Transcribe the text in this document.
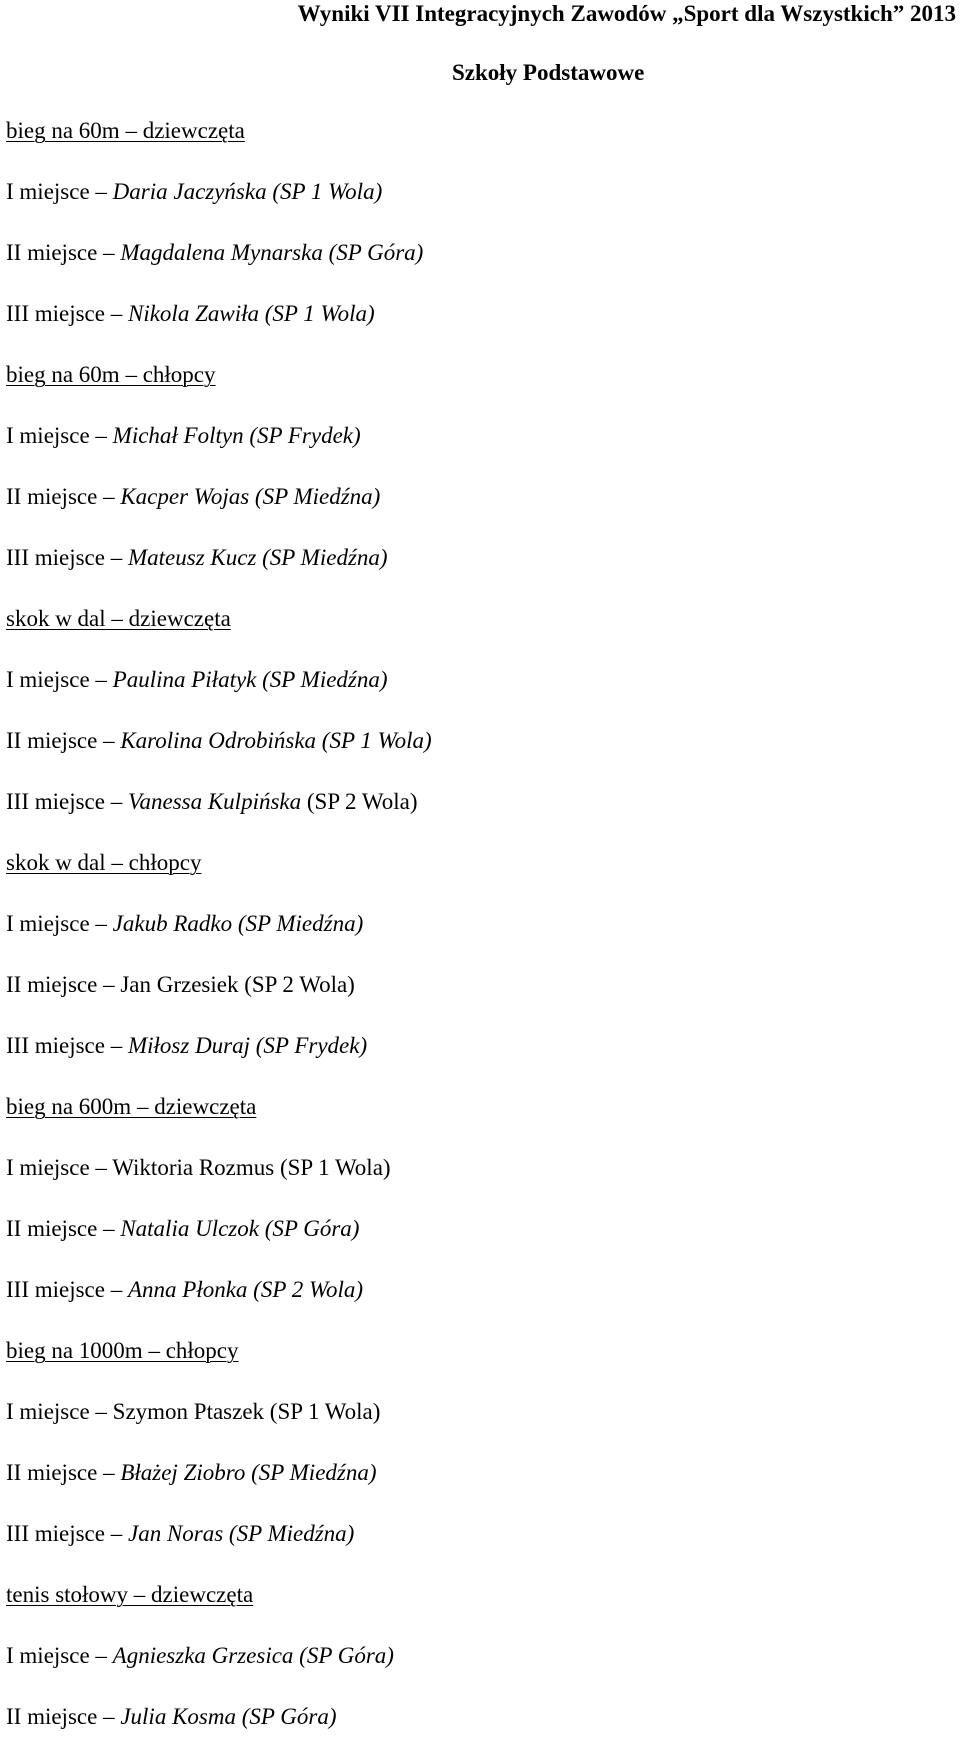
Wyniki VII Integracyjnych Zawodów „Sport dla Wszystkich” 2013
Szkoły Podstawowe
bieg na 60m – dziewczęta
I miejsce – Daria Jaczyńska (SP 1 Wola)
II miejsce – Magdalena Mynarska (SP Góra)
III miejsce – Nikola Zawiła (SP 1 Wola)
bieg na 60m – chłopcy
I miejsce – Michał Foltyn (SP Frydek)
II miejsce – Kacper Wojas (SP Miedźna)
III miejsce – Mateusz Kucz (SP Miedźna)
skok w dal – dziewczęta
I miejsce – Paulina Piłatyk (SP Miedźna)
II miejsce – Karolina Odrobińska (SP 1 Wola)
III miejsce – Vanessa Kulpińska (SP 2 Wola)
skok w dal – chłopcy
I miejsce – Jakub Radko (SP Miedźna)
II miejsce – Jan Grzesiek (SP 2 Wola)
III miejsce – Miłosz Duraj (SP Frydek)
bieg na 600m – dziewczęta
I miejsce – Wiktoria Rozmus (SP 1 Wola)
II miejsce – Natalia Ulczok (SP Góra)
III miejsce – Anna Płonka (SP 2 Wola)
bieg na 1000m – chłopcy
I miejsce – Szymon Ptaszek (SP 1 Wola)
II miejsce – Błażej Ziobro (SP Miedźna)
III miejsce – Jan Noras (SP Miedźna)
tenis stołowy – dziewczęta
I miejsce – Agnieszka Grzesica (SP Góra)
II miejsce – Julia Kosma (SP Góra)
